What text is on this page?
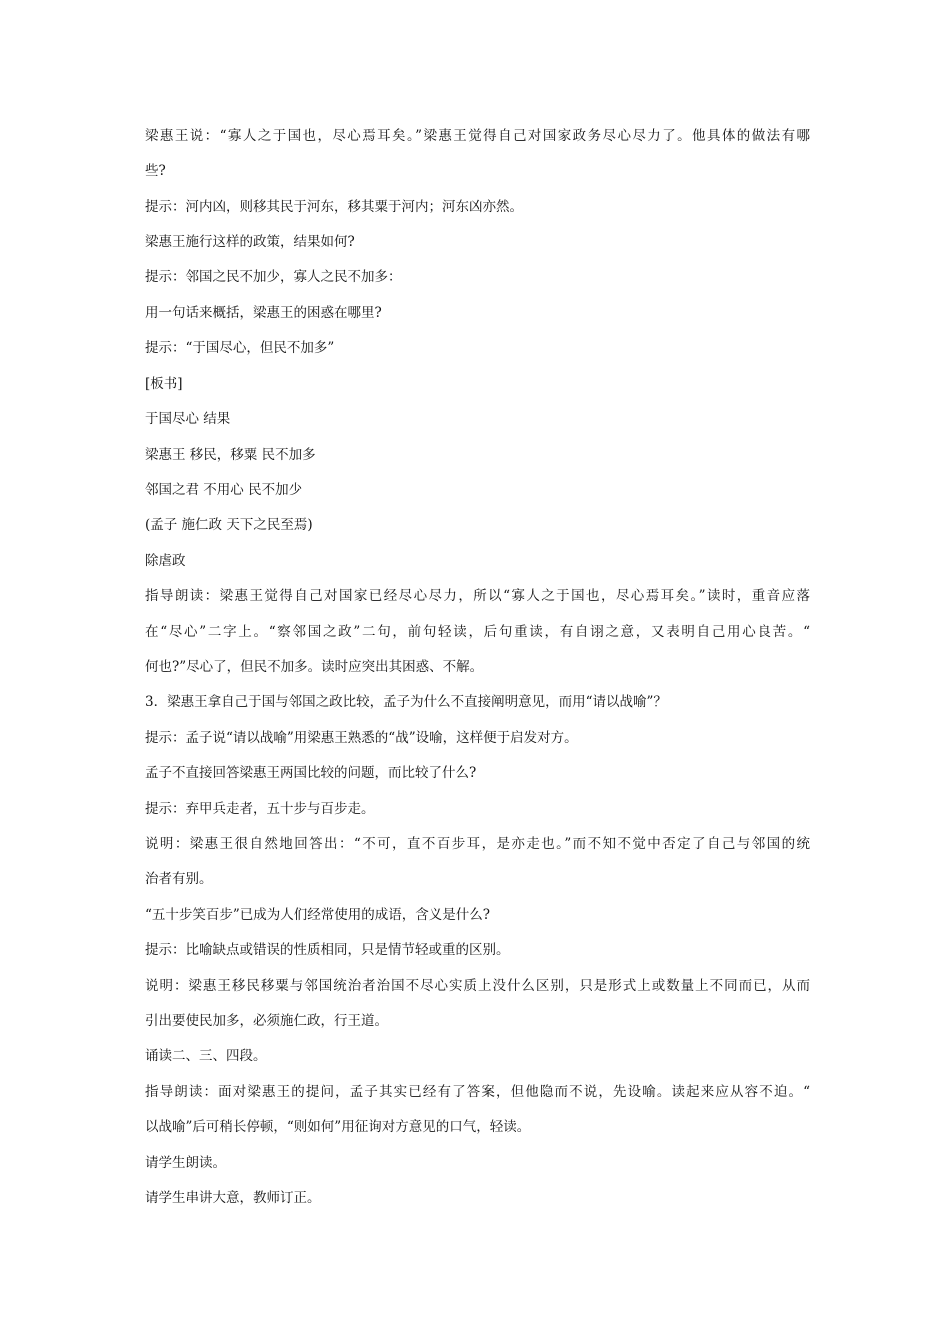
梁惠王说：“寡人之于国也，尽心焉耳矣。”梁惠王觉得自己对国家政务尽心尽力了。他具体的做法有哪
些?
提示：河内凶，则移其民于河东，移其粟于河内；河东凶亦然。
梁惠王施行这样的政策，结果如何?
提示：邻国之民不加少，寡人之民不加多：
用一句话来概括，梁惠王的困惑在哪里?
提示：“于国尽心，但民不加多”
[板书]
于国尽心 结果
梁惠王 移民，移粟 民不加多
邻国之君 不用心 民不加少
(孟子 施仁政 天下之民至焉)
除虐政
指导朗读：梁惠王觉得自己对国家已经尽心尽力，所以“寡人之于国也，尽心焉耳矣。”读时，重音应落
在“尽心”二字上。“察邻国之政”二句，前句轻读，后句重读，有自诩之意，又表明自己用心良苦。“
何也?”尽心了，但民不加多。读时应突出其困惑、不解。
3．梁惠王拿自己于国与邻国之政比较，孟子为什么不直接阐明意见，而用“请以战喻”？
提示：孟子说“请以战喻”用梁惠王熟悉的“战”设喻，这样便于启发对方。
孟子不直接回答梁惠王两国比较的问题，而比较了什么?
提示：弃甲兵走者，五十步与百步走。
说明：梁惠王很自然地回答出：“不可，直不百步耳，是亦走也。”而不知不觉中否定了自己与邻国的统
治者有别。
“五十步笑百步”已成为人们经常使用的成语，含义是什么?
提示：比喻缺点或错误的性质相同，只是情节轻或重的区别。
说明：梁惠王移民移粟与邻国统治者治国不尽心实质上没什么区别，只是形式上或数量上不同而已，从而
引出要使民加多，必须施仁政，行王道。
诵读二、三、四段。
指导朗读：面对梁惠王的提问，孟子其实已经有了答案，但他隐而不说，先设喻。读起来应从容不迫。“
以战喻”后可稍长停顿，“则如何”用征询对方意见的口气，轻读。
请学生朗读。
请学生串讲大意，教师订正。
